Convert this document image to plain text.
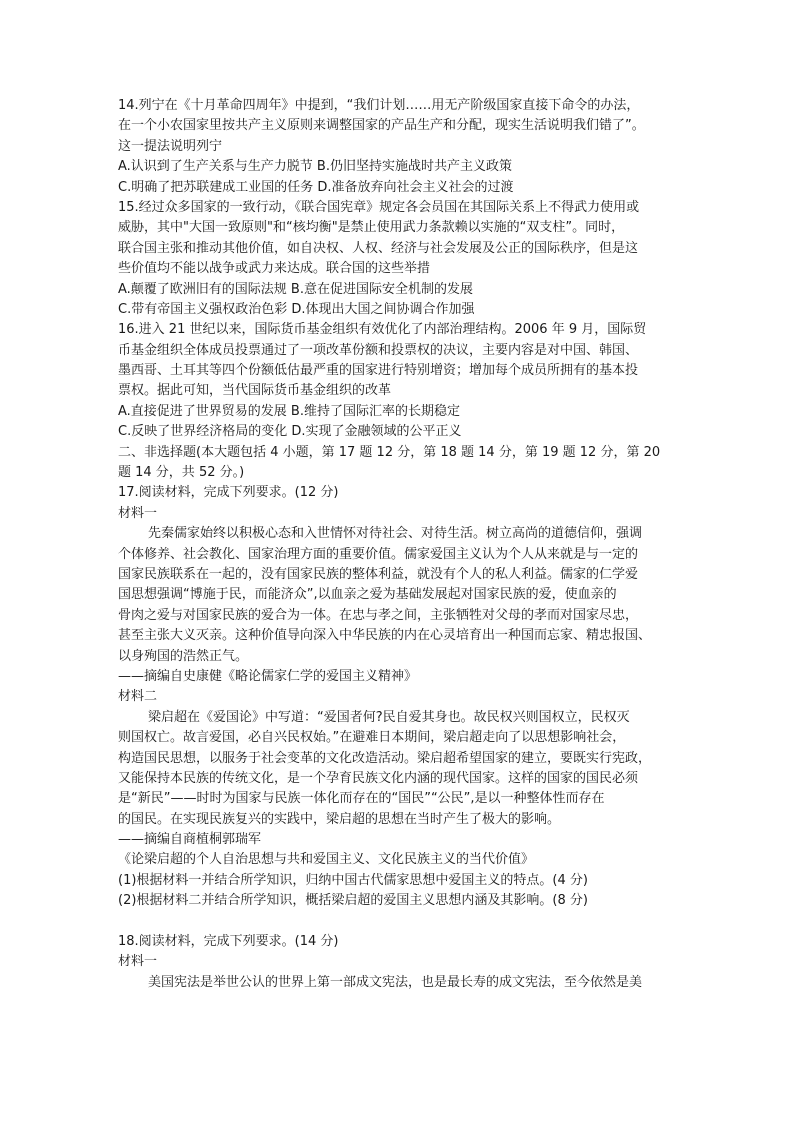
14.列宁在《十月革命四周年》中提到，“我们计划……用无产阶级国家直接下命令的办法，
在一个小农国家里按共产主义原则来调整国家的产品生产和分配，现实生活说明我们错了”。
这一提法说明列宁
A.认识到了生产关系与生产力脱节 B.仍旧坚持实施战时共产主义政策
C.明确了把苏联建成工业国的任务 D.准备放弃向社会主义社会的过渡
15.经过众多国家的一致行动，《联合国宪章》规定各会员国在其国际关系上不得武力使用或
威胁，其中"大国一致原则"和“核均衡"是禁止使用武力条款赖以实施的“双支柱”。同时，
联合国主张和推动其他价值，如自决权、人权、经济与社会发展及公正的国际秩序，但是这
些价值均不能以战争或武力来达成。联合国的这些举措
A.颠覆了欧洲旧有的国际法规 B.意在促进国际安全机制的发展
C.带有帝国主义强权政治色彩 D.体现出大国之间协调合作加强
16.进入 21 世纪以来，国际货币基金组织有效优化了内部治理结构。2006 年 9 月，国际贸
币基金组织全体成员投票通过了一项改革份额和投票权的决议，主要内容是对中国、韩国、
墨西哥、土耳其等四个份额低估最严重的国家进行特别增资；增加每个成员所拥有的基本投
票权。据此可知，当代国际货币基金组织的改革
A.直接促进了世界贸易的发展 B.维持了国际汇率的长期稳定
C.反映了世界经济格局的变化 D.实现了金融领域的公平正义
二、非选择题(本大题包括 4 小题，第 17 题 12 分，第 18 题 14 分，第 19 题 12 分，第 20
题 14 分，共 52 分。)
17.阅读材料，完成下列要求。(12 分)
材料一
先秦儒家始终以积极心态和入世情怀对待社会、对待生活。树立高尚的道德信仰，强调
个体修养、社会教化、国家治理方面的重要价值。儒家爱国主义认为个人从来就是与一定的
国家民族联系在一起的，没有国家民族的整体利益，就没有个人的私人利益。儒家的仁学爱
国思想强调“博施于民，而能济众”,以血亲之爱为基础发展起对国家民族的爱，使血亲的
骨肉之爱与对国家民族的爱合为一体。在忠与孝之间，主张牺牲对父母的孝而对国家尽忠，
甚至主张大义灭亲。这种价值导向深入中华民族的内在心灵培育出一种国而忘家、精忠报国、
以身殉国的浩然正气。
——摘编自史康健《略论儒家仁学的爱国主义精神》
材料二
梁启超在《爱国论》中写道：“爱国者何?民自爱其身也。故民权兴则国权立，民权灭
则国权亡。故言爱国，必自兴民权始。”在避难日本期间，梁启超走向了以思想影响社会，
构造国民思想，以服务于社会变革的文化改造活动。梁启超希望国家的建立，要既实行宪政，
又能保持本民族的传统文化，是一个孕育民族文化内涵的现代国家。这样的国家的国民必须
是“新民”——时时为国家与民族一体化而存在的“国民”“公民”,是以一种整体性而存在
的国民。在实现民族复兴的实践中，梁启超的思想在当时产生了极大的影响。
——摘编自商植桐郭瑞军
《论梁启超的个人自治思想与共和爱国主义、文化民族主义的当代价值》
(1)根据材料一并结合所学知识，归纳中国古代儒家思想中爱国主义的特点。(4 分)
(2)根据材料二并结合所学知识，概括梁启超的爱国主义思想内涵及其影响。(8 分)
18.阅读材料，完成下列要求。(14 分)
材料一
美国宪法是举世公认的世界上第一部成文宪法，也是最长寿的成文宪法，至今依然是美
